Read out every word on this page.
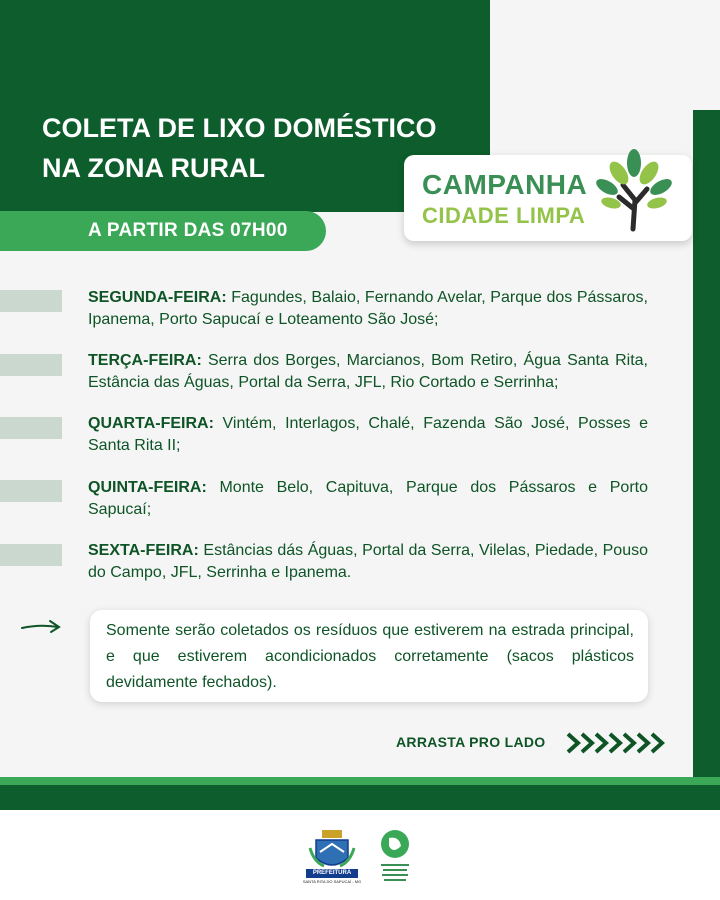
COLETA DE LIXO DOMÉSTICO
NA ZONA RURAL
A PARTIR DAS 07H00
CAMPANHA
CIDADE LIMPA
SEGUNDA-FEIRA: Fagundes, Balaio, Fernando Avelar, Parque dos Pássaros, Ipanema, Porto Sapucaí e Loteamento São José;
TERÇA-FEIRA: Serra dos Borges, Marcianos, Bom Retiro, Água Santa Rita, Estância das Águas, Portal da Serra, JFL, Rio Cortado e Serrinha;
QUARTA-FEIRA: Vintém, Interlagos, Chalé, Fazenda São José, Posses e Santa Rita II;
QUINTA-FEIRA: Monte Belo, Capituva, Parque dos Pássaros e Porto Sapucaí;
SEXTA-FEIRA: Estâncias dás Águas, Portal da Serra, Vilelas, Piedade, Pouso do Campo, JFL, Serrinha e Ipanema.

Somente serão coletados os resíduos que estiverem na estrada principal, e que estiverem acondicionados corretamente (sacos plásticos devidamente fechados).

ARRASTA PRO LADO
PREFEITURA
SANTA RITA DO SAPUCAÍ - MG
